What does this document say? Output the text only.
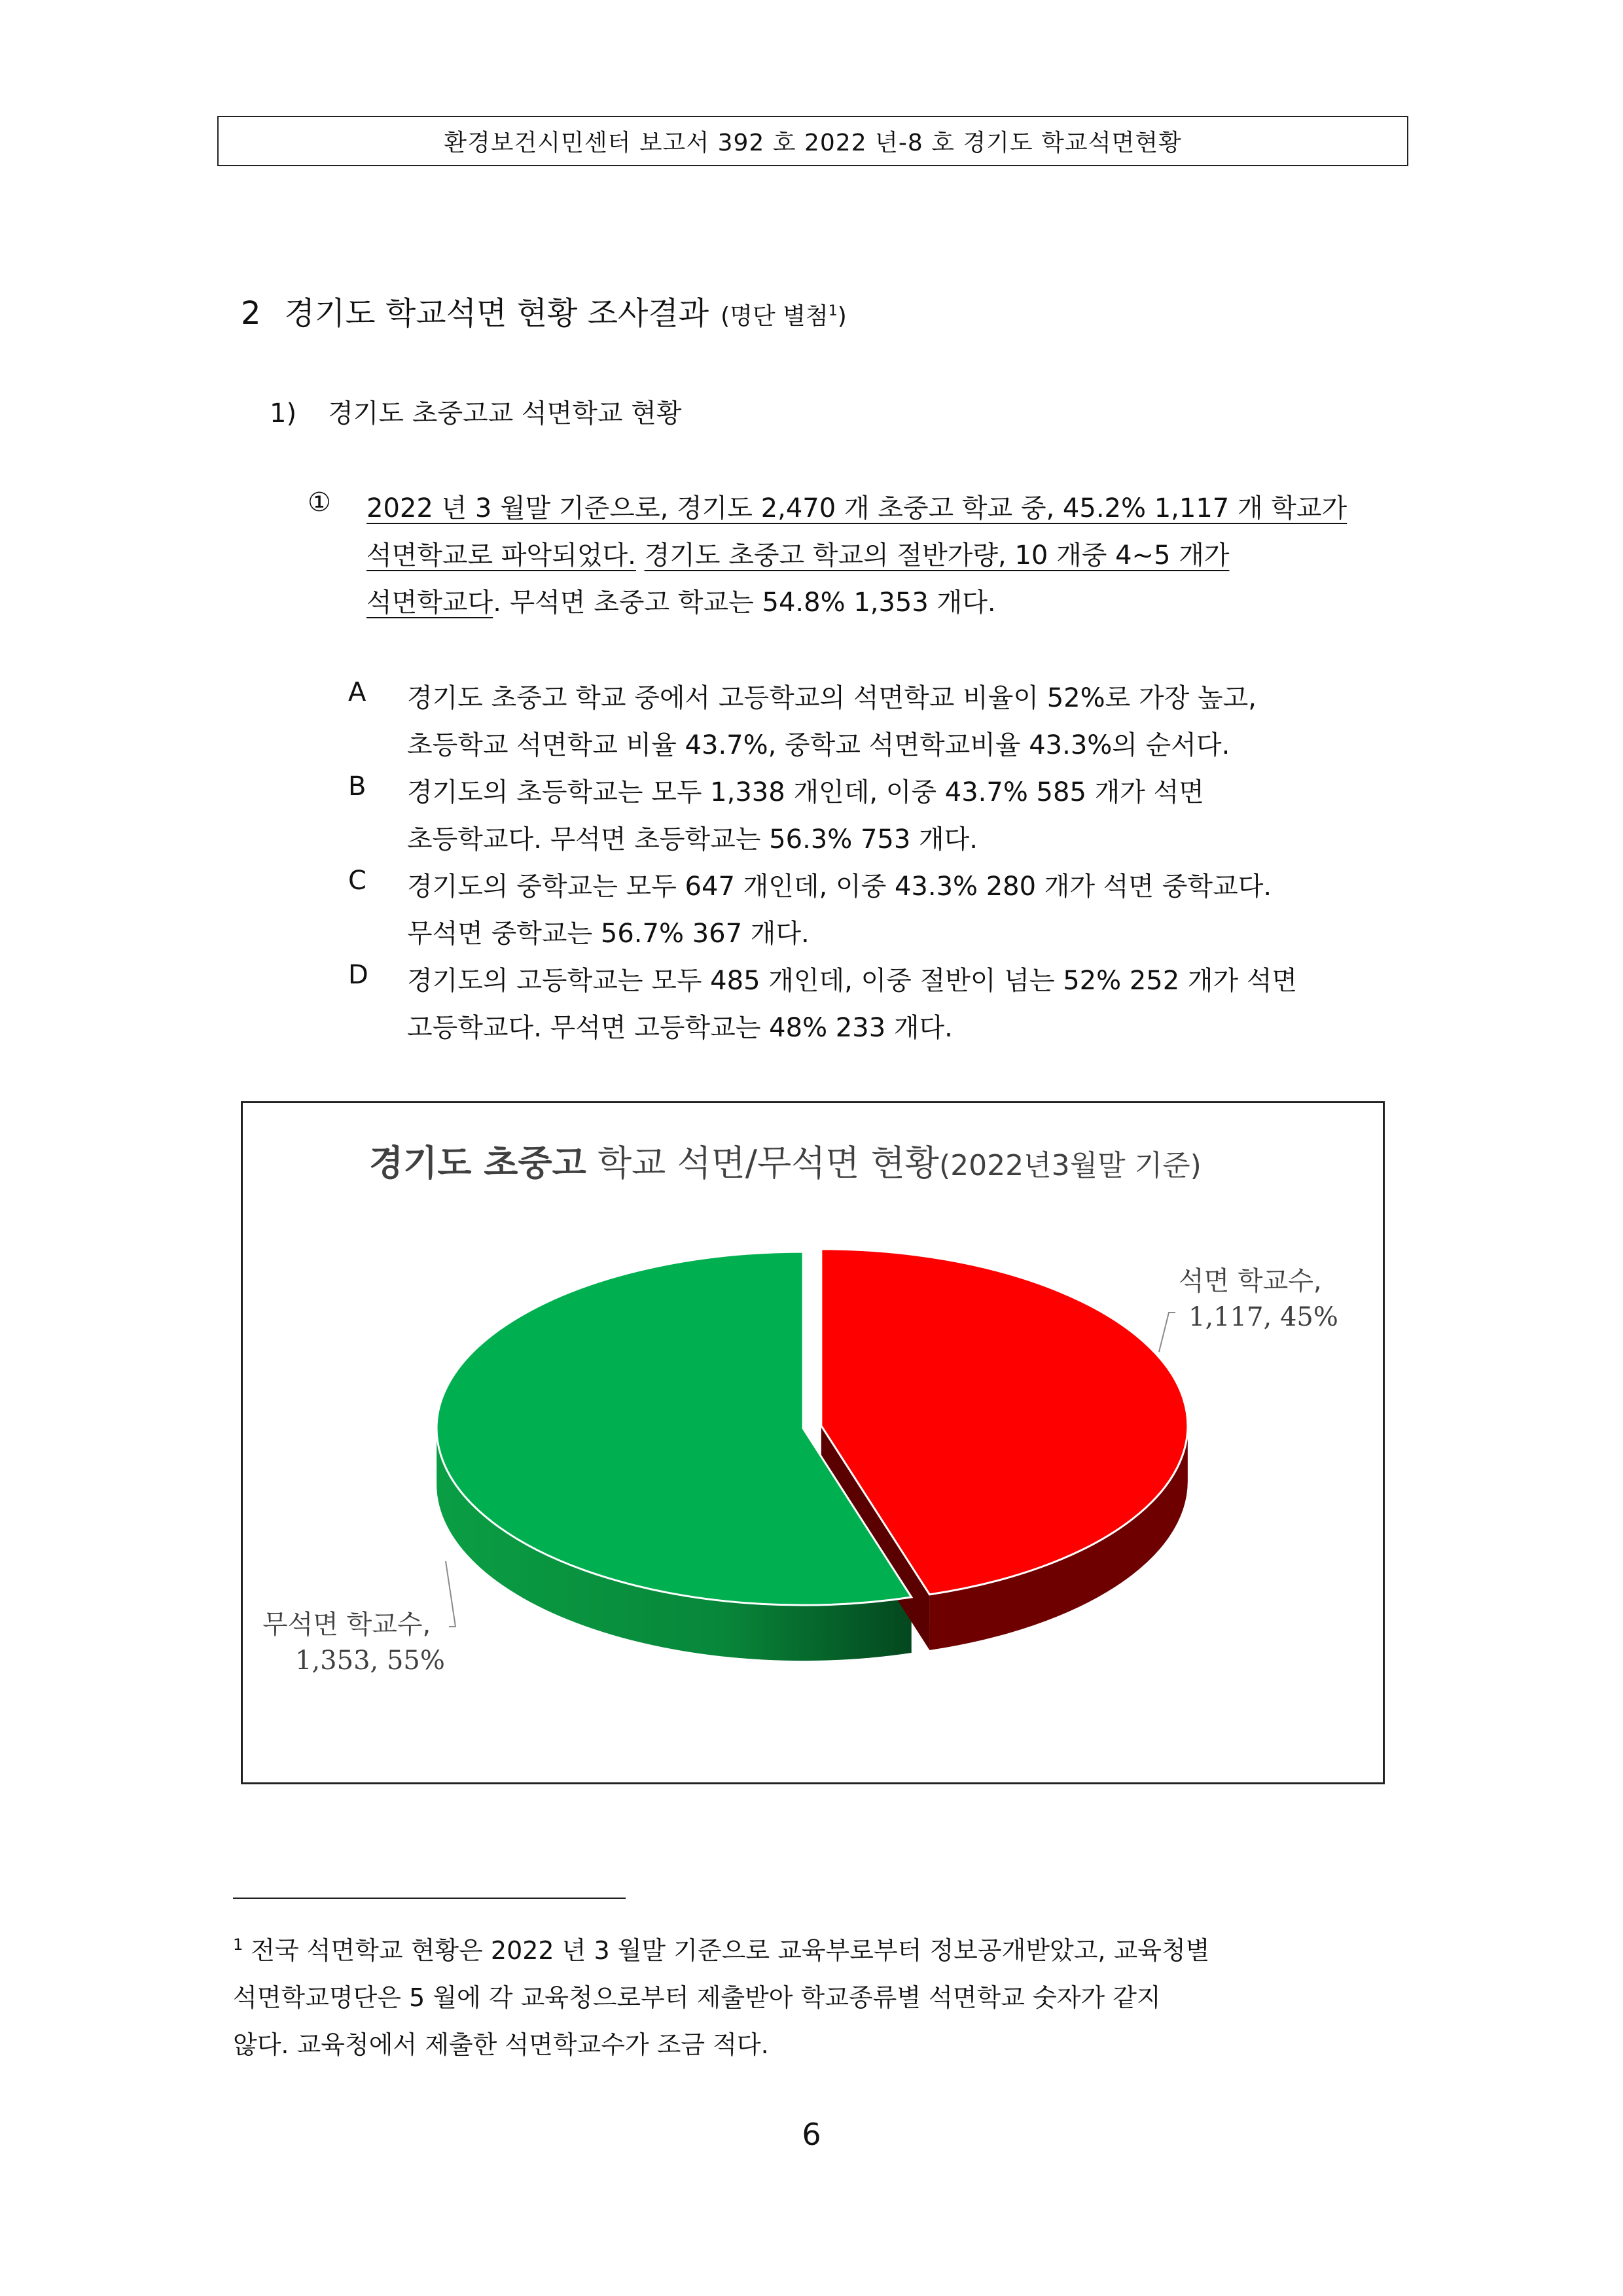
환경보건시민센터 보고서 392 호 2022 년-8 호 경기도 학교석면현황
2 경기도 학교석면 현황 조사결과 (명단 별첨$^1$)
1) 경기도 초중고교 석면학교 현황
① 2022 년 3 월말 기준으로, 경기도 2,470 개 초중고 학교 중, 45.2% 1,117 개 학교가
석면학교로 파악되었다. 경기도 초중고 학교의 절반가량, 10 개중 4~5 개가
석면학교다. 무석면 초중고 학교는 54.8% 1,353 개다.
A 경기도 초중고 학교 중에서 고등학교의 석면학교 비율이 52%로 가장 높고,
초등학교 석면학교 비율 43.7%, 중학교 석면학교비율 43.3%의 순서다.
B 경기도의 초등학교는 모두 1,338 개인데, 이중 43.7% 585 개가 석면
초등학교다. 무석면 초등학교는 56.3% 753 개다.
C 경기도의 중학교는 모두 647 개인데, 이중 43.3% 280 개가 석면 중학교다.
무석면 중학교는 56.7% 367 개다.
D 경기도의 고등학교는 모두 485 개인데, 이중 절반이 넘는 52% 252 개가 석면
고등학교다. 무석면 고등학교는 48% 233 개다.
경기도 초중고 학교 석면/무석면 현황(2022년3월말 기준)
석면 학교수,
1,117, 45%
무석면 학교수,
1,353, 55%
$^1$ 전국 석면학교 현황은 2022 년 3 월말 기준으로 교육부로부터 정보공개받았고, 교육청별
석면학교명단은 5 월에 각 교육청으로부터 제출받아 학교종류별 석면학교 숫자가 같지
않다. 교육청에서 제출한 석면학교수가 조금 적다.
6
